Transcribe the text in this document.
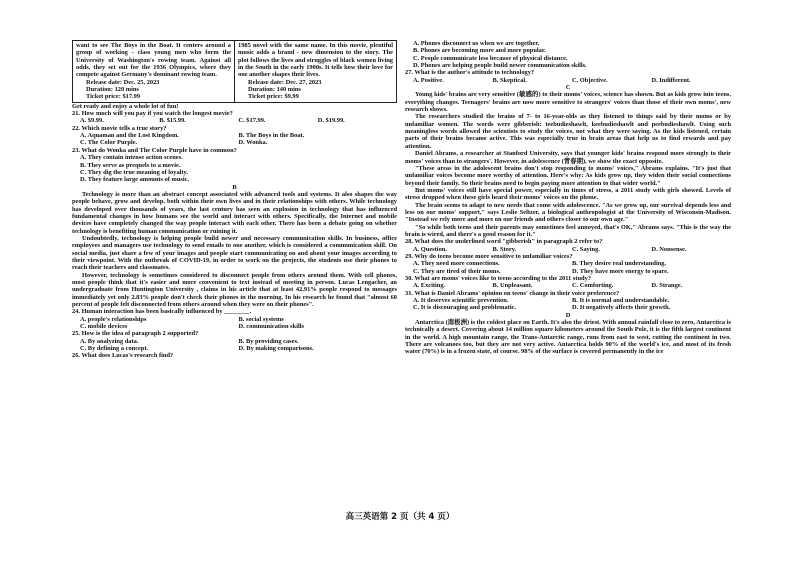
want to see The Boys in the Boat. It centers around a group of working - class young men who form the University of Washington's rowing team. Against all odds, they set out for the 1936 Olympics, where they compete against Germany's dominant rowing team.

Release date: Dec. 25, 2023

Duration: 120 mins

Ticket price: $17.99

1985 novel with the same name. In this movie, plentiful music adds a brand - new dimension to the story. The plot follows the lives and struggles of black women living in the South in the early 1900s. It tells how their love for one another shapes their lives.

Release date: Dec. 27, 2023

Duration: 140 mins

Ticket price: $9.99

Get ready and enjoy a whole lot of fun!

21. How much will you pay if you watch the longest movie?

A. $9.99.	B. $15.99.	C. $17.99.	D. $19.99.

22. Which movie tells a true story?

A. Aquaman and the Lost Kingdom.	B. The Boys in the Boat.
C. The Color Purple.	D. Wonka.

23. What do Wonka and The Color Purple have in common?

A. They contain intense action scenes.

B. They serve as prequels to a movie.

C. They dig the true meaning of loyalty.

D. They feature large amounts of music.

B

Technology is more than an abstract concept associated with advanced tools and systems. It also shapes the way people behave, grow and develop, both within their own lives and in their relationships with others. While technology has developed over thousands of years, the last century has seen an explosion in technology that has influenced fundamental changes in how humans see the world and interact with others. Specifically, the Internet and mobile devices have completely changed the way people interact with each other. There has been a debate going on whether technology is benefiting human communication or ruining it.

Undoubtedly, technology is helping people build newer and necessary communication skills. In business, office employees and managers use technology to send emails to one another, which is considered a communication skill. On social media, just share a few of your images and people start communicating on and about your images according to their viewpoint. With the outbreak of COVID-19, in order to work on the projects, the students use their phones to reach their teachers and classmates.

However, technology is sometimes considered to disconnect people from others around them. With cell phones, most people think that it's easier and more convenient to text instead of meeting in person. Lucas Lengacher, an undergraduate from Huntington University , claims in his article that at least 42.91% people respond to messages immediately yet only 2.83% people don't check their phones in the morning. In his research he found that "almost 60 percent of people felt disconnected from others around when they were on their phones".

24. Human interaction has been basically influenced by ________.

A. people's relationships	B. social systems
C. mobile devices	D. communication skills

25. How is the idea of paragraph 2 supported?

A. By analyzing data.	B. By providing cases.
C. By defining a concept.	D. By making comparisons.

26. What does Lucas's research find?

A. Phones disconnect us when we are together.

B. Phones are becoming more and more popular.

C. People communicate less because of physical distance.

D. Phones are helping people build newer communication skills.

27. What is the author's attitude to technology?

A. Positive.	B. Skeptical.	C. Objective.	D. Indifferent.

C

Young kids' brains are very sensitive (敏感的) to their moms' voices, science has shown. But as kids grow into teens, everything changes. Teenagers' brains are now more sensitive to strangers' voices than those of their own moms', new research shows.

The researchers studied the brains of 7- to 16-year-olds as they listened to things said by their moms or by unfamiliar women. The words were gibberish: teebudieshawlt, keebudieshawlt and peebudieshawlt. Using such meaningless words allowed the scientists to study the voices, not what they were saying. As the kids listened, certain parts of their brains became active. This was especially true in brain areas that help us to find rewards and pay attention.

Daniel Abrams, a researcher at Stanford University, says that younger kids' brains respond more strongly to their moms' voices than to strangers'. However, in adolescence (青春期), we show the exact opposite.

"These areas in the adolescent brains don't stop responding to moms' voices," Abrams explains. "It's just that unfamiliar voices become more worthy of attention. Here's why: As kids grow up, they widen their social connections beyond their family. So their brains need to begin paying more attention to that wider world."

But moms' voices still have special power, especially in times of stress, a 2011 study with girls showed. Levels of stress dropped when these girls heard their moms' voices on the phone.

The brain seems to adapt to new needs that come with adolescence. "As we grow up, our survival depends less and less on our moms' support," says Leslie Seltzer, a biological anthropologist at the University of Wisconsin-Madison. "Instead we rely more and more on our friends and others closer to our own age."

"So while both teens and their parents may sometimes feel annoyed, that's OK," Abrams says. "This is the way the brain is wired, and there's a good reason for it."

28. What does the underlined word "gibberish" in paragraph 2 refer to?

A. Question.	B. Story.	C. Saying.	D. Nonsense.

29. Why do teens become more sensitive to unfamiliar voices?

A. They need more connections.	B. They desire real understanding.
C. They are tired of their moms.	D. They have more energy to spare.

30. What are moms' voices like to teens according to the 2011 study?

A. Exciting.	B. Unpleasant.	C. Comforting.	D. Strange.

31. What is Daniel Abrams' opinion on teens' change in their voice preference?

A. It deserves scientific prevention.	B. It is normal and understandable.
C. It is discouraging and problematic.	D. It negatively affects their growth.

D

Antarctica (南极洲) is the coldest place on Earth. It's also the driest. With annual rainfall close to zero, Antarctica is technically a desert. Covering about 14 million square kilometers around the South Pole, it is the fifth largest continent in the world. A high mountain range, the Trans-Antarctic range, runs from east to west, cutting the continent in two. There are volcanoes too, but they are not very active. Antarctica holds 90% of the world's ice, and most of its fresh water (70%) is in a frozen state, of course. 98% of the surface is covered permanently in the ice

高三英语第 2 页（共 4 页）
